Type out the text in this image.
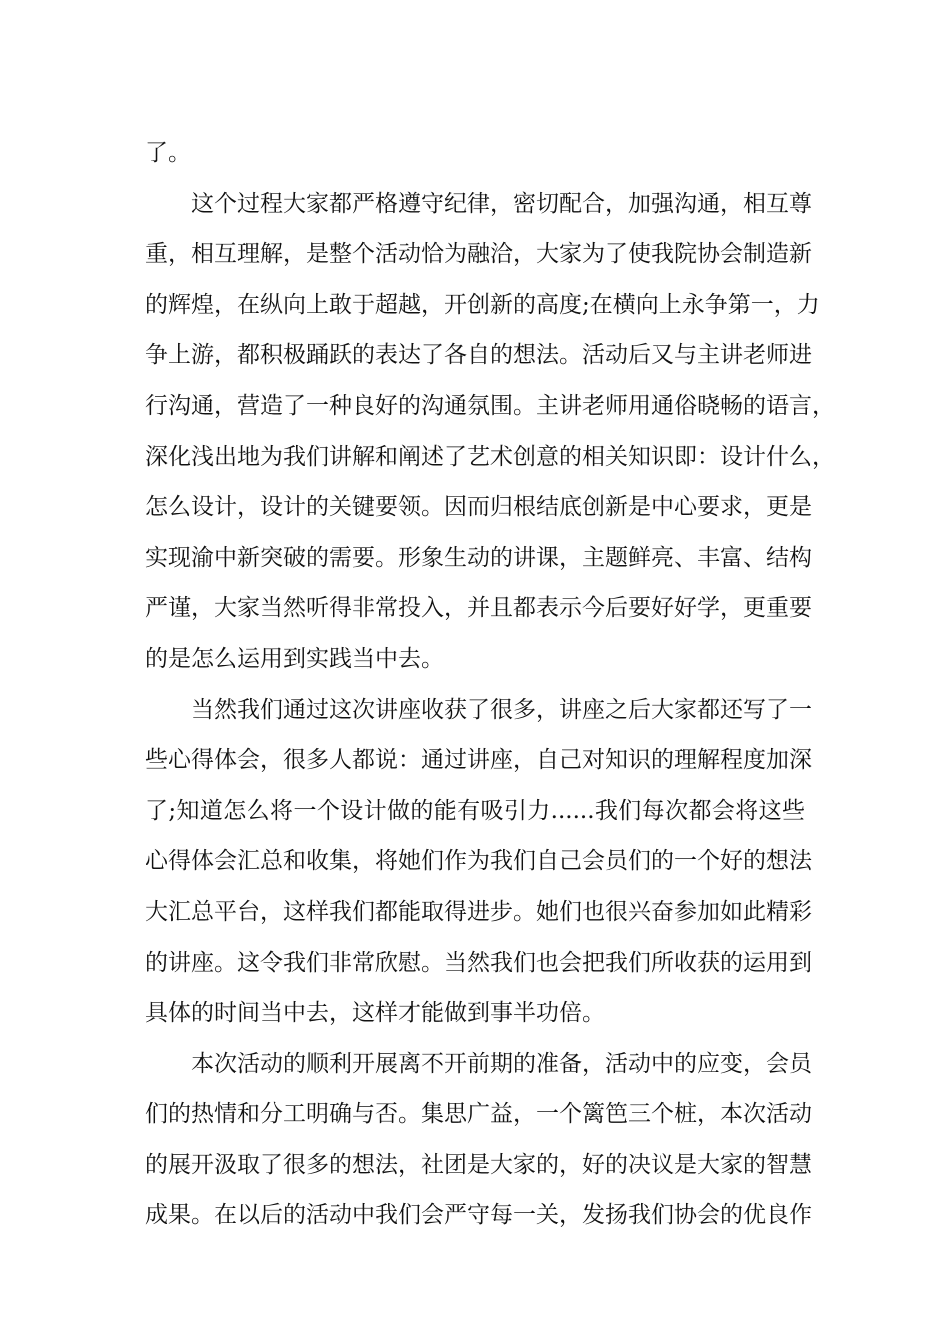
了。
这个过程大家都严格遵守纪律，密切配合，加强沟通，相互尊
重，相互理解，是整个活动恰为融洽，大家为了使我院协会制造新
的辉煌，在纵向上敢于超越，开创新的高度;在横向上永争第一，力
争上游，都积极踊跃的表达了各自的想法。活动后又与主讲老师进
行沟通，营造了一种良好的沟通氛围。主讲老师用通俗晓畅的语言，
深化浅出地为我们讲解和阐述了艺术创意的相关知识即：设计什么，
怎么设计，设计的关键要领。因而归根结底创新是中心要求，更是
实现渝中新突破的需要。形象生动的讲课，主题鲜亮、丰富、结构
严谨，大家当然听得非常投入，并且都表示今后要好好学，更重要
的是怎么运用到实践当中去。
当然我们通过这次讲座收获了很多，讲座之后大家都还写了一
些心得体会，很多人都说：通过讲座，自己对知识的理解程度加深
了;知道怎么将一个设计做的能有吸引力......我们每次都会将这些
心得体会汇总和收集，将她们作为我们自己会员们的一个好的想法
大汇总平台，这样我们都能取得进步。她们也很兴奋参加如此精彩
的讲座。这令我们非常欣慰。当然我们也会把我们所收获的运用到
具体的时间当中去，这样才能做到事半功倍。
本次活动的顺利开展离不开前期的准备，活动中的应变，会员
们的热情和分工明确与否。集思广益，一个篱笆三个桩，本次活动
的展开汲取了很多的想法，社团是大家的，好的决议是大家的智慧
成果。在以后的活动中我们会严守每一关，发扬我们协会的优良作
